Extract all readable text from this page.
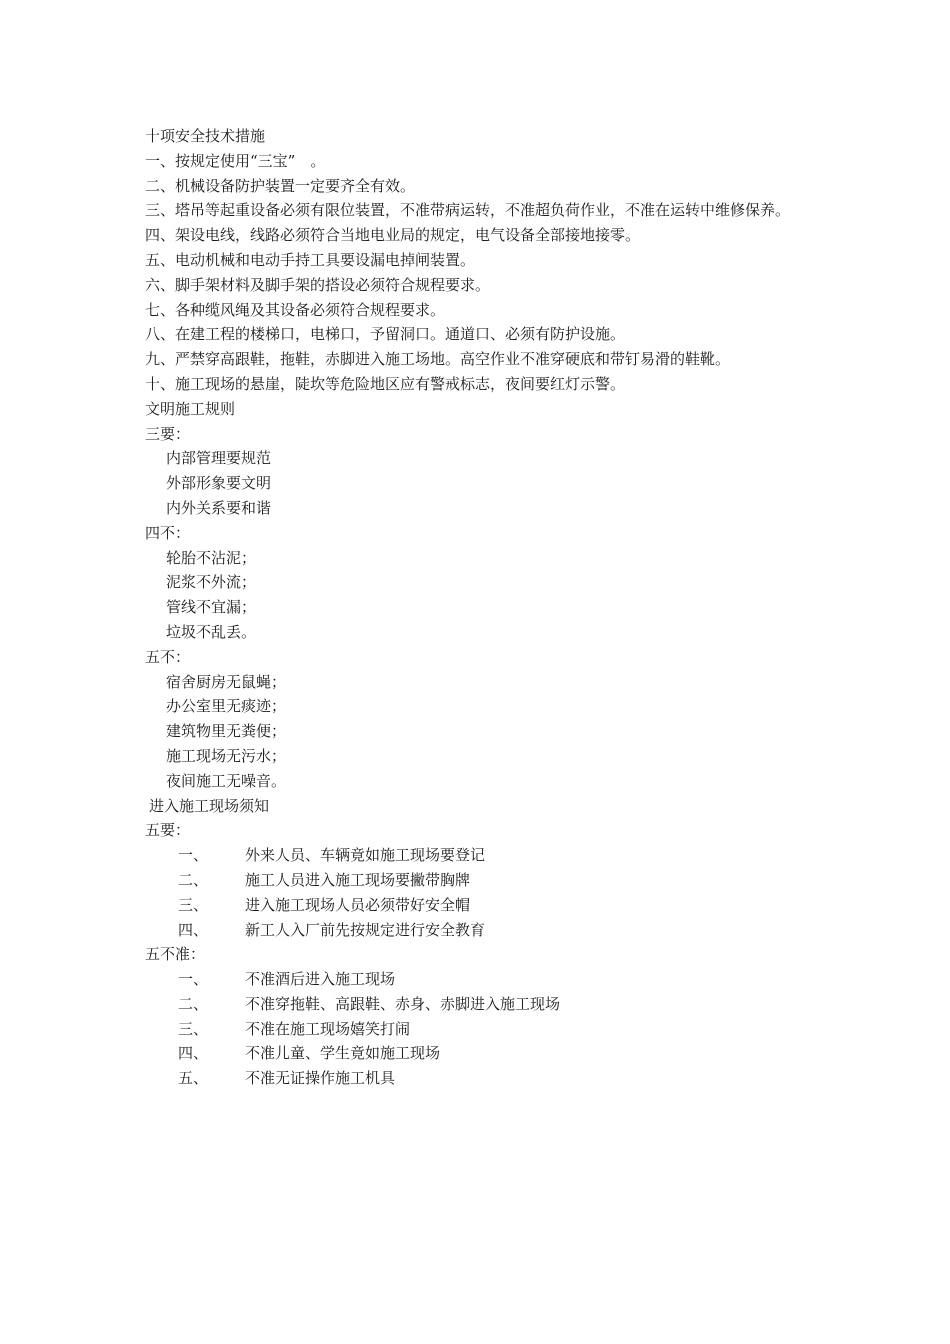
十项安全技术措施
一、按规定使用“三宝”　。
二、机械设备防护装置一定要齐全有效。
三、塔吊等起重设备必须有限位装置，不准带病运转，不准超负荷作业，不准在运转中维修保养。
四、架设电线，线路必须符合当地电业局的规定，电气设备全部接地接零。
五、电动机械和电动手持工具要设漏电掉闸装置。
六、脚手架材料及脚手架的搭设必须符合规程要求。
七、各种缆风绳及其设备必须符合规程要求。
八、在建工程的楼梯口，电梯口，予留洞口。通道口、必须有防护设施。
九、严禁穿高跟鞋，拖鞋，赤脚进入施工场地。高空作业不准穿硬底和带钉易滑的鞋靴。
十、施工现场的悬崖，陡坎等危险地区应有警戒标志，夜间要红灯示警。
文明施工规则
三要：
内部管理要规范
外部形象要文明
内外关系要和谐
四不：
轮胎不沾泥；
泥浆不外流；
管线不宜漏；
垃圾不乱丢。
五不：
宿舍厨房无鼠蝇；
办公室里无痰迹；
建筑物里无粪便；
施工现场无污水；
夜间施工无噪音。
进入施工现场须知
五要：
一、	外来人员、车辆竟如施工现场要登记
二、	施工人员进入施工现场要撇带胸牌
三、	进入施工现场人员必须带好安全帽
四、	新工人入厂前先按规定进行安全教育
五不准：
一、	不准酒后进入施工现场
二、	不准穿拖鞋、高跟鞋、赤身、赤脚进入施工现场
三、	不准在施工现场嬉笑打闹
四、	不准儿童、学生竟如施工现场
五、	不准无证操作施工机具
